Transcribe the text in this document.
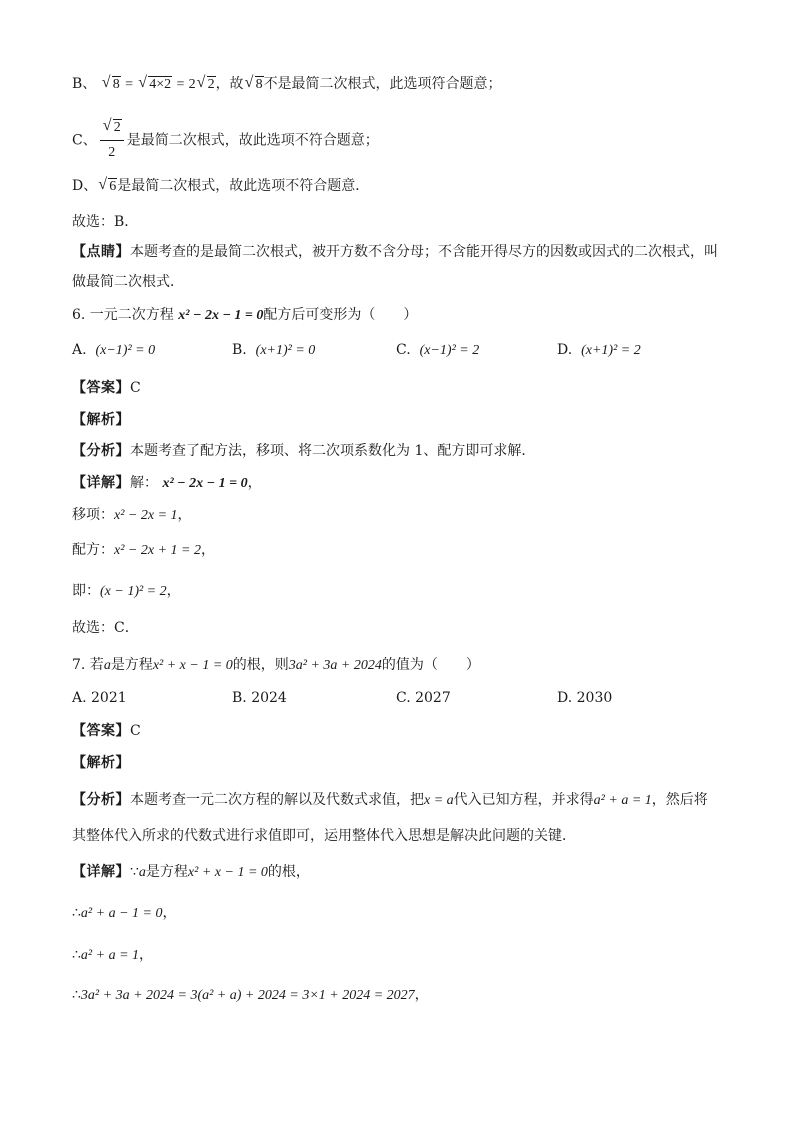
B、 √ 8 = √ 4×2 = 2 √ 2，故 √ 8不是最简二次根式，此选项符合题意；
C、 √ $\frac{2}{2}$ 是最简二次根式，故此选项不符合题意；
D、 √ 6是最简二次根式，故此选项不符合题意．
故选：B．
【点睛】本题考查的是最简二次根式，被开方数不含分母；不含能开得尽方的因数或因式的二次根式，叫
做最简二次根式．
6. 一元二次方程 x² − 2x − 1 = 0配方后可变形为（　　）
A. (x−1)² = 0	B. (x+1)² = 0	C. (x−1)² = 2	D. (x+1)² = 2
【答案】C
【解析】
【分析】本题考查了配方法，移项、将二次项系数化为 1、配方即可求解．
【详解】解： x² − 2x − 1 = 0，
移项：x² − 2x = 1，
配方：x² − 2x + 1 = 2，
即：(x − 1)² = 2，
故选：C．
7. 若a是方程x² + x − 1 = 0的根，则3a² + 3a + 2024的值为（　　）
A. 2021	B. 2024	C. 2027	D. 2030
【答案】C
【解析】
【分析】本题考查一元二次方程的解以及代数式求值，把x = a代入已知方程，并求得a² + a = 1，然后将
其整体代入所求的代数式进行求值即可，运用整体代入思想是解决此问题的关键．
【详解】∵a是方程x² + x − 1 = 0的根，
∴a² + a − 1 = 0，
∴a² + a = 1，
∴3a² + 3a + 2024 = 3(a² + a) + 2024 = 3×1 + 2024 = 2027，
